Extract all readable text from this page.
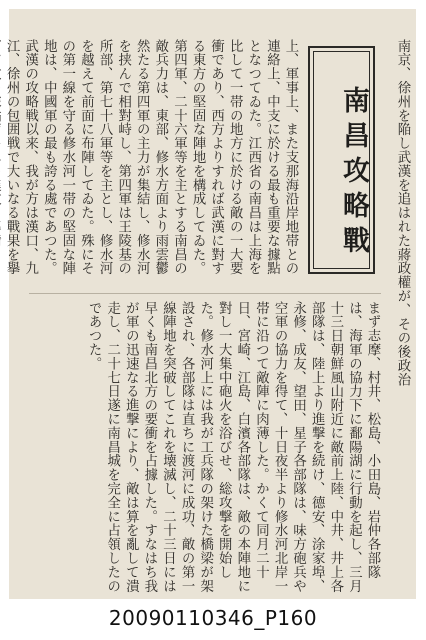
南京、徐州を陥し武漢を追はれた蔣政權が、その後政治
南昌攻略戰
上、軍事上、また支那海沿岸地帯との連絡上、中支に於ける最も重要な據點となつてゐた。江西省の南昌は上海を比して一帯の地方に於ける敵の一大要衝であり、西方よりすれば武漢に對する東方の堅固な陣地を構成してゐた。第四軍、二十六軍等を主とする南昌の敵兵力は、東部、修水方面より雨雲鬱然たる第四軍の主力が集結し、修水河を挟んで相對峙し、第四軍は王陵基の所部、第七十八軍等を主とし、修水河を越えて前面に布陣してゐた。殊にその第一線を守る修水河一帯の堅固な陣地は、中國軍の最も誇る處であつた。武漢の攻略戦以来、我が方は漢口、九江、徐州の包囲戦で大いなる戰果を擧
まず志摩、村井、松島、小田島、岩仲各部隊は、海軍の協力下に鄱陽湖に行動を起し、三月十三日朝鮮風山附近に敵前上陸、中井、井上各部隊は、陸上より進撃を続け、德安、涂家埠、永修、成友、望田、星子各部隊は、味方砲兵や空軍の協力を得て、十日夜半より修水河北岸一帯に沿つて敵陣に肉薄した。かくて同月二十日、宮崎、江島、白濱各部隊は、敵の本陣地に對し一大集中砲火を浴びせ、総攻撃を開始した。修水河上には我が工兵隊の架けた橋梁が架設され、各部隊は直ちに渡河に成功、敵の第一線陣地を突破してこれを壊滅し、二十三日には早くも南昌北方の要衝を占據した。すなはち我が軍の迅速なる進撃により、敵は算を亂して潰走し、二十七日遂に南昌城を完全に占領したのであつた。
20090110346_P160
